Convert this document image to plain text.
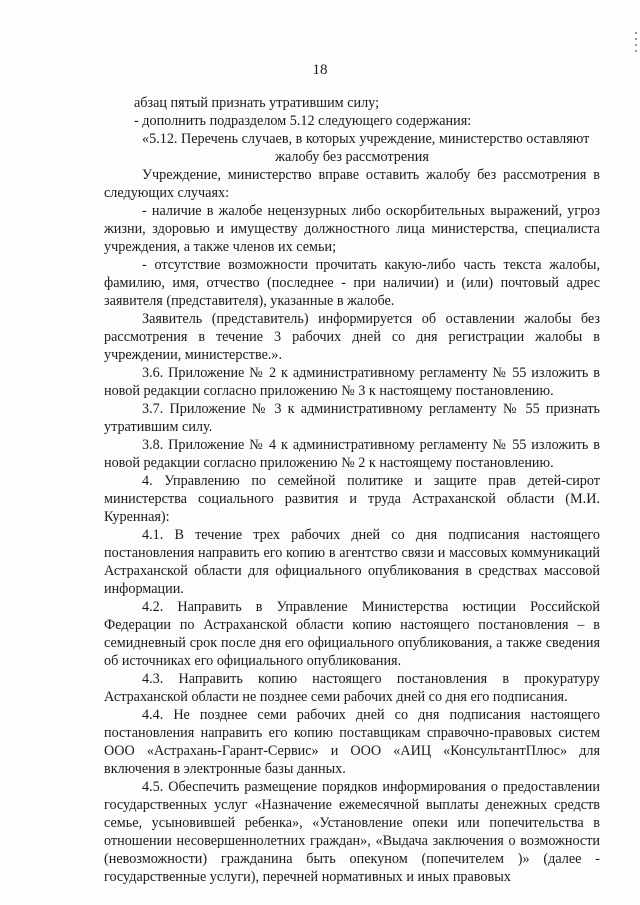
18

абзац пятый признать утратившим силу;

- дополнить подразделом 5.12 следующего содержания:

«5.12. Перечень случаев, в которых учреждение, министерство оставляют

жалобу без рассмотрения

Учреждение, министерство вправе оставить жалобу без рассмотрения в следующих случаях:

- наличие в жалобе нецензурных либо оскорбительных выражений, угроз жизни, здоровью и имуществу должностного лица министерства, специалиста учреждения, а также членов их семьи;

- отсутствие возможности прочитать какую-либо часть текста жалобы, фамилию, имя, отчество (последнее - при наличии) и (или) почтовый адрес заявителя (представителя), указанные в жалобе.

Заявитель (представитель) информируется об оставлении жалобы без рассмотрения в течение 3 рабочих дней со дня регистрации жалобы в учреждении, министерстве.».

3.6. Приложение № 2 к административному регламенту № 55 изложить в новой редакции согласно приложению № 3 к настоящему постановлению.

3.7. Приложение № 3 к административному регламенту № 55 признать утратившим силу.

3.8. Приложение № 4 к административному регламенту № 55 изложить в новой редакции согласно приложению № 2 к настоящему постановлению.

4. Управлению по семейной политике и защите прав детей-сирот министерства социального развития и труда Астраханской области (М.И. Куренная):

4.1. В течение трех рабочих дней со дня подписания настоящего постановления направить его копию в агентство связи и массовых коммуникаций Астраханской области для официального опубликования в средствах массовой информации.

4.2. Направить в Управление Министерства юстиции Российской Федерации по Астраханской области копию настоящего постановления – в семидневный срок после дня его официального опубликования, а также сведения об источниках его официального опубликования.

4.3. Направить копию настоящего постановления в прокуратуру Астраханской области не позднее семи рабочих дней со дня его подписания.

4.4. Не позднее семи рабочих дней со дня подписания настоящего постановления направить его копию поставщикам справочно-правовых систем ООО «Астрахань-Гарант-Сервис» и ООО «АИЦ «КонсультантПлюс» для включения в электронные базы данных.

4.5. Обеспечить размещение порядков информирования о предоставлении государственных услуг «Назначение ежемесячной выплаты денежных средств семье, усыновившей ребенка», «Установление опеки или попечительства в отношении несовершеннолетних граждан», «Выдача заключения о возможности (невозможности) гражданина быть опекуном (попечителем )» (далее - государственные услуги), перечней нормативных и иных правовых
